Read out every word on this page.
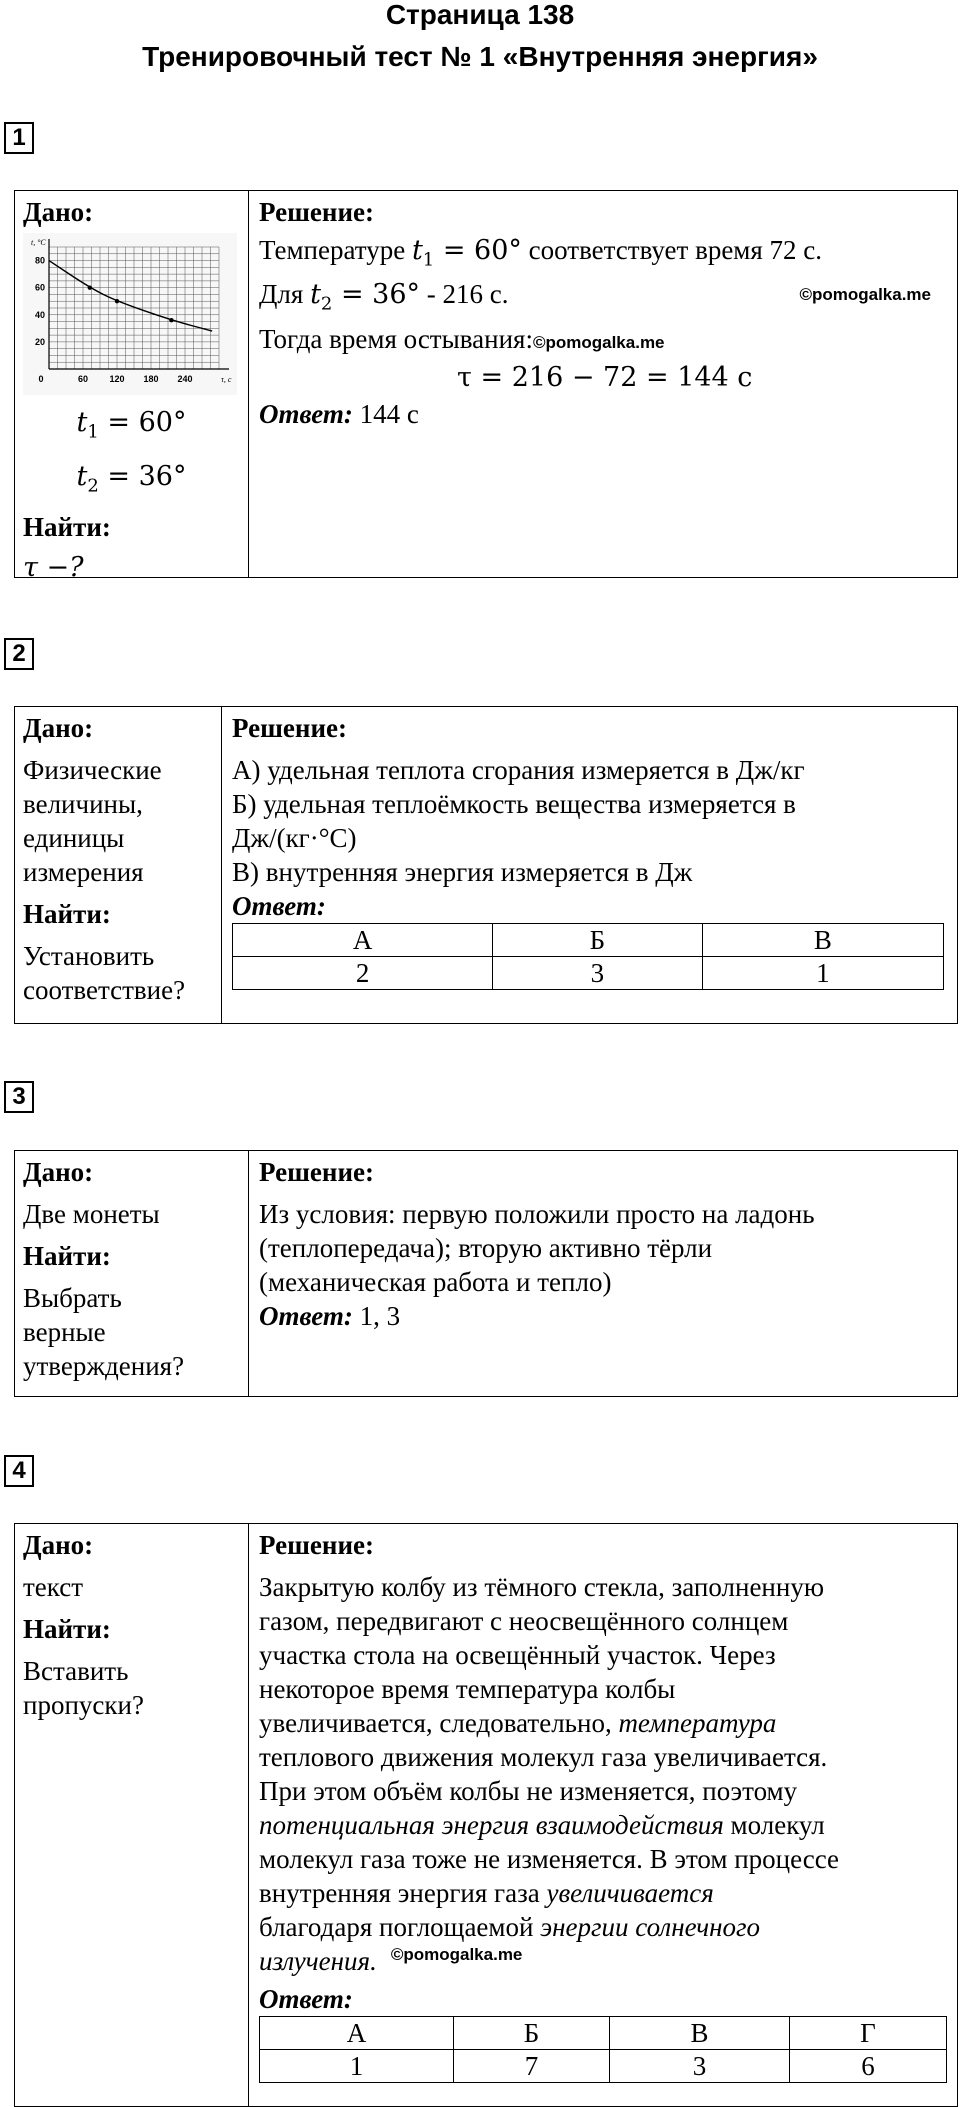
Страница 138
Тренировочный тест № 1 «Внутренняя энергия»
1

Дано:

0	60 120 180 240
20
40
60
80
t, °C
τ, с

$t_1 = 60^\circ$

$t_2 = 36^\circ$

Найти:

τ −?

Решение:

Температуре $t_1 = 60^\circ$ соответствует время 72 с.

Для $t_2 = 36^\circ - 216$ с.	©pomogalka.me

Тогда время остывания:©pomogalka.me

τ = 216 − 72 = 144 с

Ответ: 144 с

2

Дано:

Физические

величины,

единицы

измерения

Найти:

Установить

соответствие?

Решение:

А) удельная теплота сгорания измеряется в Дж/кг

Б) удельная теплоёмкость вещества измеряется в

Дж/(кг·°С)

В) внутренняя энергия измеряется в Дж

Ответ:

А	Б	В
2	3	1
3

Дано:

Две монеты

Найти:

Выбрать

верные

утверждения?

Решение:

Из условия: первую положили просто на ладонь

(теплопередача); вторую активно тёрли

(механическая работа и тепло)

Ответ: 1, 3

4

Дано:

текст

Найти:

Вставить

пропуски?

Решение:

Закрытую колбу из тёмного стекла, заполненную

газом, передвигают с неосвещённого солнцем

участка стола на освещённый участок. Через

некоторое время температура колбы

увеличивается, следовательно, температура

теплового движения молекул газа увеличивается.

При этом объём колбы не изменяется, поэтому

потенциальная энергия взаимодействия молекул

молекул газа тоже не изменяется. В этом процессе

внутренняя энергия газа увеличивается

благодаря поглощаемой энергии солнечного

излучения. $^{©pomogalka.me}$

Ответ:

А	Б	В	Г
1	7	3	6
